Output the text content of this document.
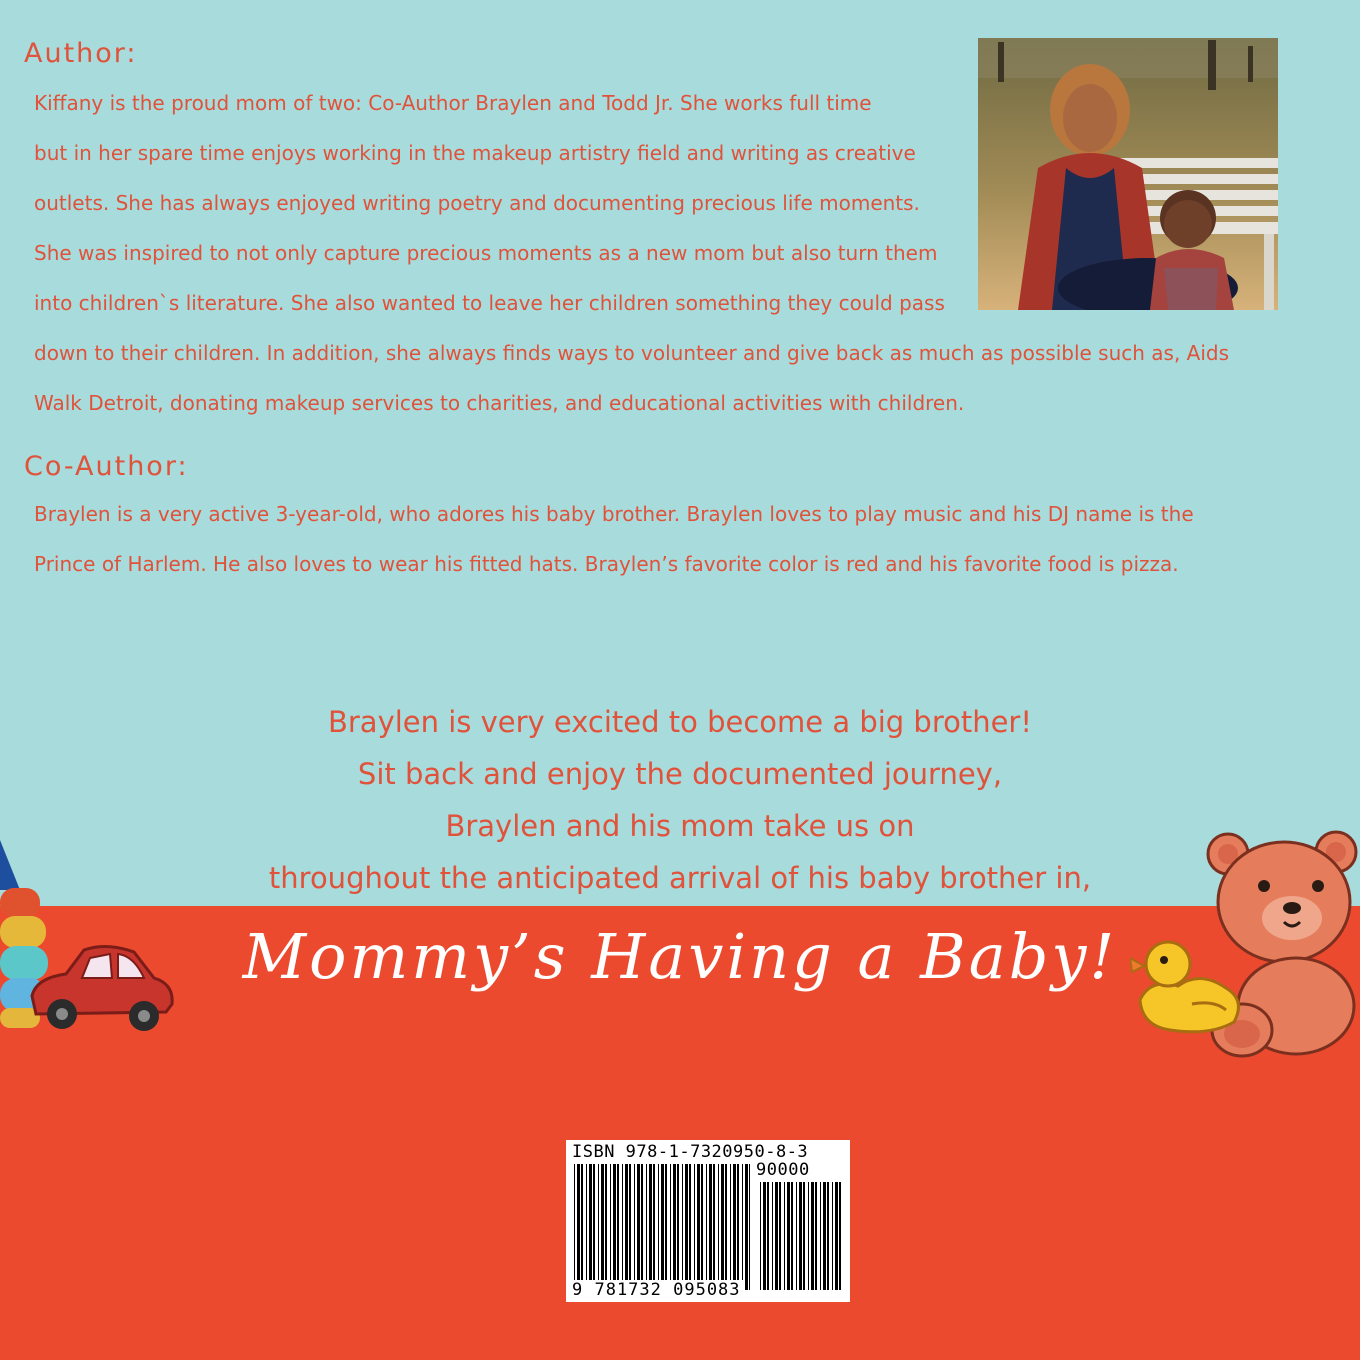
Author:
Kiffany is the proud mom of two: Co-Author Braylen and Todd Jr. She works full time
but in her spare time enjoys working in the makeup artistry field and writing as creative
outlets. She has always enjoyed writing poetry and documenting precious life moments.
She was inspired to not only capture precious moments as a new mom but also turn them
into children`s literature. She also wanted to leave her children something they could pass
down to their children. In addition, she always finds ways to volunteer and give back as much as possible such as, Aids
Walk Detroit, donating makeup services to charities, and educational activities with children.
Co-Author:
Braylen is a very active 3-year-old, who adores his baby brother. Braylen loves to play music and his DJ name is the
Prince of Harlem. He also loves to wear his fitted hats. Braylen’s favorite color is red and his favorite food is pizza.
Braylen is very excited to become a big brother!
Sit back and enjoy the documented journey,
Braylen and his mom take us on
throughout the anticipated arrival of his baby brother in,
Mommy’s Having a Baby!
ISBN 978-1-7320950-8-3
90000
9 781732 095083
